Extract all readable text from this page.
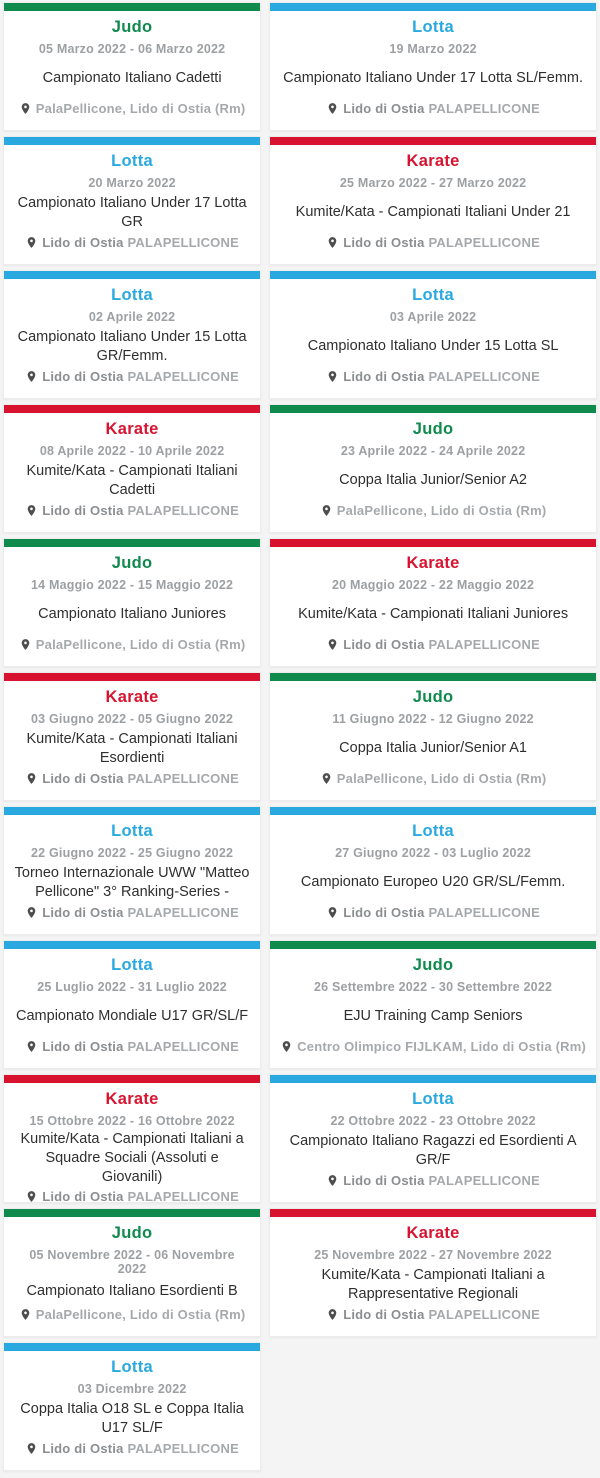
Judo
05 Marzo 2022 - 06 Marzo 2022
Campionato Italiano Cadetti
PalaPellicone, Lido di Ostia (Rm)
Lotta
20 Marzo 2022
Campionato Italiano Under 17 Lotta GR
Lido di Ostia PALAPELLICONE
Lotta
02 Aprile 2022
Campionato Italiano Under 15 Lotta GR/Femm.
Lido di Ostia PALAPELLICONE
Karate
08 Aprile 2022 - 10 Aprile 2022
Kumite/Kata - Campionati Italiani Cadetti
Lido di Ostia PALAPELLICONE
Judo
14 Maggio 2022 - 15 Maggio 2022
Campionato Italiano Juniores
PalaPellicone, Lido di Ostia (Rm)
Karate
03 Giugno 2022 - 05 Giugno 2022
Kumite/Kata - Campionati Italiani Esordienti
Lido di Ostia PALAPELLICONE
Lotta
22 Giugno 2022 - 25 Giugno 2022
Torneo Internazionale UWW "Matteo Pellicone" 3° Ranking-Series -
Lido di Ostia PALAPELLICONE
Lotta
25 Luglio 2022 - 31 Luglio 2022
Campionato Mondiale U17 GR/SL/F
Lido di Ostia PALAPELLICONE
Karate
15 Ottobre 2022 - 16 Ottobre 2022
Kumite/Kata - Campionati Italiani a Squadre Sociali (Assoluti e Giovanili)
Lido di Ostia PALAPELLICONE
Judo
05 Novembre 2022 - 06 Novembre 2022
Campionato Italiano Esordienti B
PalaPellicone, Lido di Ostia (Rm)
Lotta
03 Dicembre 2022
Coppa Italia O18 SL e Coppa Italia U17 SL/F
Lido di Ostia PALAPELLICONE
Lotta
19 Marzo 2022
Campionato Italiano Under 17 Lotta SL/Femm.
Lido di Ostia PALAPELLICONE
Karate
25 Marzo 2022 - 27 Marzo 2022
Kumite/Kata - Campionati Italiani Under 21
Lido di Ostia PALAPELLICONE
Lotta
03 Aprile 2022
Campionato Italiano Under 15 Lotta SL
Lido di Ostia PALAPELLICONE
Judo
23 Aprile 2022 - 24 Aprile 2022
Coppa Italia Junior/Senior A2
PalaPellicone, Lido di Ostia (Rm)
Karate
20 Maggio 2022 - 22 Maggio 2022
Kumite/Kata - Campionati Italiani Juniores
Lido di Ostia PALAPELLICONE
Judo
11 Giugno 2022 - 12 Giugno 2022
Coppa Italia Junior/Senior A1
PalaPellicone, Lido di Ostia (Rm)
Lotta
27 Giugno 2022 - 03 Luglio 2022
Campionato Europeo U20 GR/SL/Femm.
Lido di Ostia PALAPELLICONE
Judo
26 Settembre 2022 - 30 Settembre 2022
EJU Training Camp Seniors
Centro Olimpico FIJLKAM, Lido di Ostia (Rm)
Lotta
22 Ottobre 2022 - 23 Ottobre 2022
Campionato Italiano Ragazzi ed Esordienti A GR/F
Lido di Ostia PALAPELLICONE
Karate
25 Novembre 2022 - 27 Novembre 2022
Kumite/Kata - Campionati Italiani a Rappresentative Regionali
Lido di Ostia PALAPELLICONE
